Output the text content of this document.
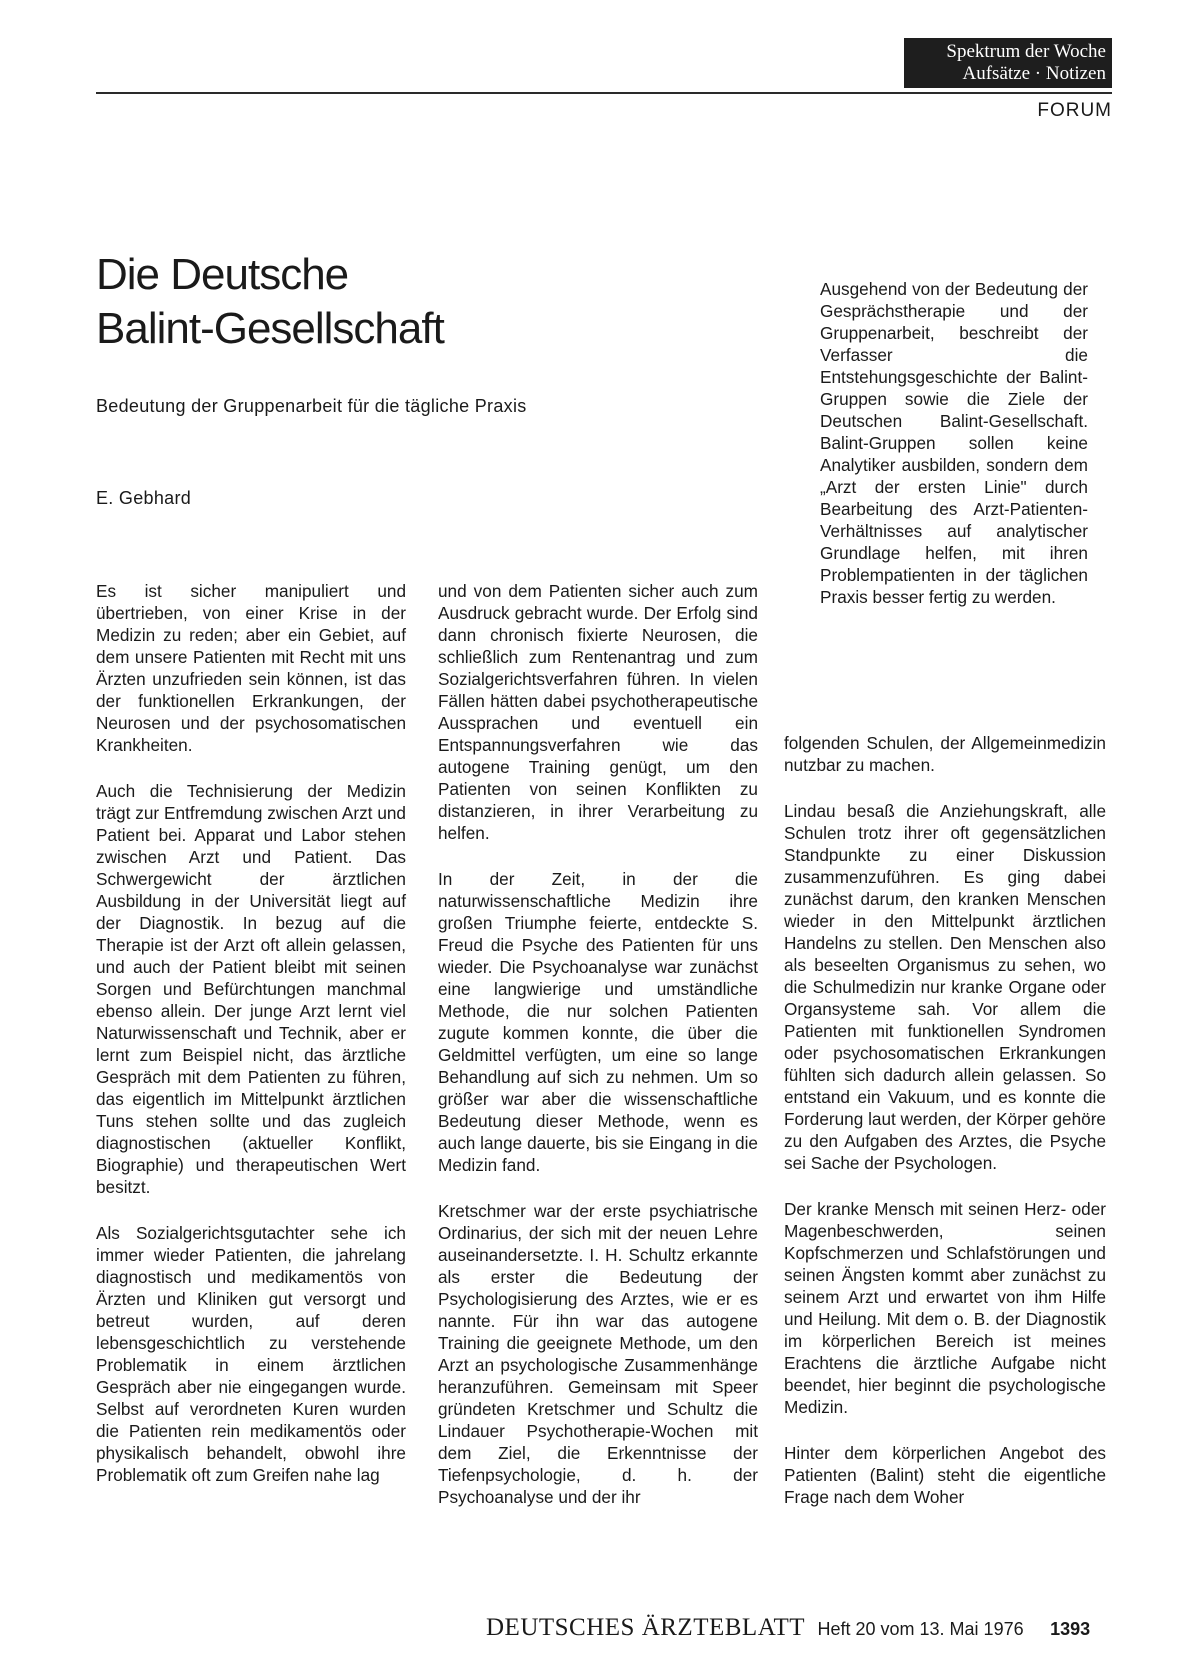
Spektrum der Woche
Aufsätze · Notizen
FORUM
Die Deutsche
Balint-Gesellschaft
Bedeutung der Gruppenarbeit für die tägliche Praxis
E. Gebhard
Ausgehend von der Bedeutung der Gesprächstherapie und der Gruppenarbeit, beschreibt der Verfasser die Entstehungsgeschichte der Balint-Gruppen sowie die Ziele der Deutschen Balint-Gesellschaft. Balint-Gruppen sollen keine Analytiker ausbilden, sondern dem „Arzt der ersten Linie" durch Bearbeitung des Arzt-Patienten-Verhältnisses auf analytischer Grundlage helfen, mit ihren Problempatienten in der täglichen Praxis besser fertig zu werden.

Es ist sicher manipuliert und übertrieben, von einer Krise in der Medizin zu reden; aber ein Gebiet, auf dem unsere Patienten mit Recht mit uns Ärzten unzufrieden sein können, ist das der funktionellen Erkrankungen, der Neurosen und der psychosomatischen Krankheiten.

Auch die Technisierung der Medizin trägt zur Entfremdung zwischen Arzt und Patient bei. Apparat und Labor stehen zwischen Arzt und Patient. Das Schwergewicht der ärztlichen Ausbildung in der Universität liegt auf der Diagnostik. In bezug auf die Therapie ist der Arzt oft allein gelassen, und auch der Patient bleibt mit seinen Sorgen und Befürchtungen manchmal ebenso allein. Der junge Arzt lernt viel Naturwissenschaft und Technik, aber er lernt zum Beispiel nicht, das ärztliche Gespräch mit dem Patienten zu führen, das eigentlich im Mittelpunkt ärztlichen Tuns stehen sollte und das zugleich diagnostischen (aktueller Konflikt, Biographie) und therapeutischen Wert besitzt.

Als Sozialgerichtsgutachter sehe ich immer wieder Patienten, die jahrelang diagnostisch und medikamentös von Ärzten und Kliniken gut versorgt und betreut wurden, auf deren lebensgeschichtlich zu verstehende Problematik in einem ärztlichen Gespräch aber nie eingegangen wurde. Selbst auf verordneten Kuren wurden die Patienten rein medikamentös oder physikalisch behandelt, obwohl ihre Problematik oft zum Greifen nahe lag

und von dem Patienten sicher auch zum Ausdruck gebracht wurde. Der Erfolg sind dann chronisch fixierte Neurosen, die schließlich zum Rentenantrag und zum Sozialgerichtsverfahren führen. In vielen Fällen hätten dabei psychotherapeutische Aussprachen und eventuell ein Entspannungsverfahren wie das autogene Training genügt, um den Patienten von seinen Konflikten zu distanzieren, in ihrer Verarbeitung zu helfen.

In der Zeit, in der die naturwissenschaftliche Medizin ihre großen Triumphe feierte, entdeckte S. Freud die Psyche des Patienten für uns wieder. Die Psychoanalyse war zunächst eine langwierige und umständliche Methode, die nur solchen Patienten zugute kommen konnte, die über die Geldmittel verfügten, um eine so lange Behandlung auf sich zu nehmen. Um so größer war aber die wissenschaftliche Bedeutung dieser Methode, wenn es auch lange dauerte, bis sie Eingang in die Medizin fand.

Kretschmer war der erste psychiatrische Ordinarius, der sich mit der neuen Lehre auseinandersetzte. I. H. Schultz erkannte als erster die Bedeutung der Psychologisierung des Arztes, wie er es nannte. Für ihn war das autogene Training die geeignete Methode, um den Arzt an psychologische Zusammenhänge heranzuführen. Gemeinsam mit Speer gründeten Kretschmer und Schultz die Lindauer Psychotherapie-Wochen mit dem Ziel, die Erkenntnisse der Tiefenpsychologie, d. h. der Psychoanalyse und der ihr

folgenden Schulen, der Allgemeinmedizin nutzbar zu machen.

Lindau besaß die Anziehungskraft, alle Schulen trotz ihrer oft gegensätzlichen Standpunkte zu einer Diskussion zusammenzuführen. Es ging dabei zunächst darum, den kranken Menschen wieder in den Mittelpunkt ärztlichen Handelns zu stellen. Den Menschen also als beseelten Organismus zu sehen, wo die Schulmedizin nur kranke Organe oder Organsysteme sah. Vor allem die Patienten mit funktionellen Syndromen oder psychosomatischen Erkrankungen fühlten sich dadurch allein gelassen. So entstand ein Vakuum, und es konnte die Forderung laut werden, der Körper gehöre zu den Aufgaben des Arztes, die Psyche sei Sache der Psychologen.

Der kranke Mensch mit seinen Herz- oder Magenbeschwerden, seinen Kopfschmerzen und Schlafstörungen und seinen Ängsten kommt aber zunächst zu seinem Arzt und erwartet von ihm Hilfe und Heilung. Mit dem o. B. der Diagnostik im körperlichen Bereich ist meines Erachtens die ärztliche Aufgabe nicht beendet, hier beginnt die psychologische Medizin.

Hinter dem körperlichen Angebot des Patienten (Balint) steht die eigentliche Frage nach dem Woher

DEUTSCHES ÄRZTEBLATT Heft 20 vom 13. Mai 1976 1393
